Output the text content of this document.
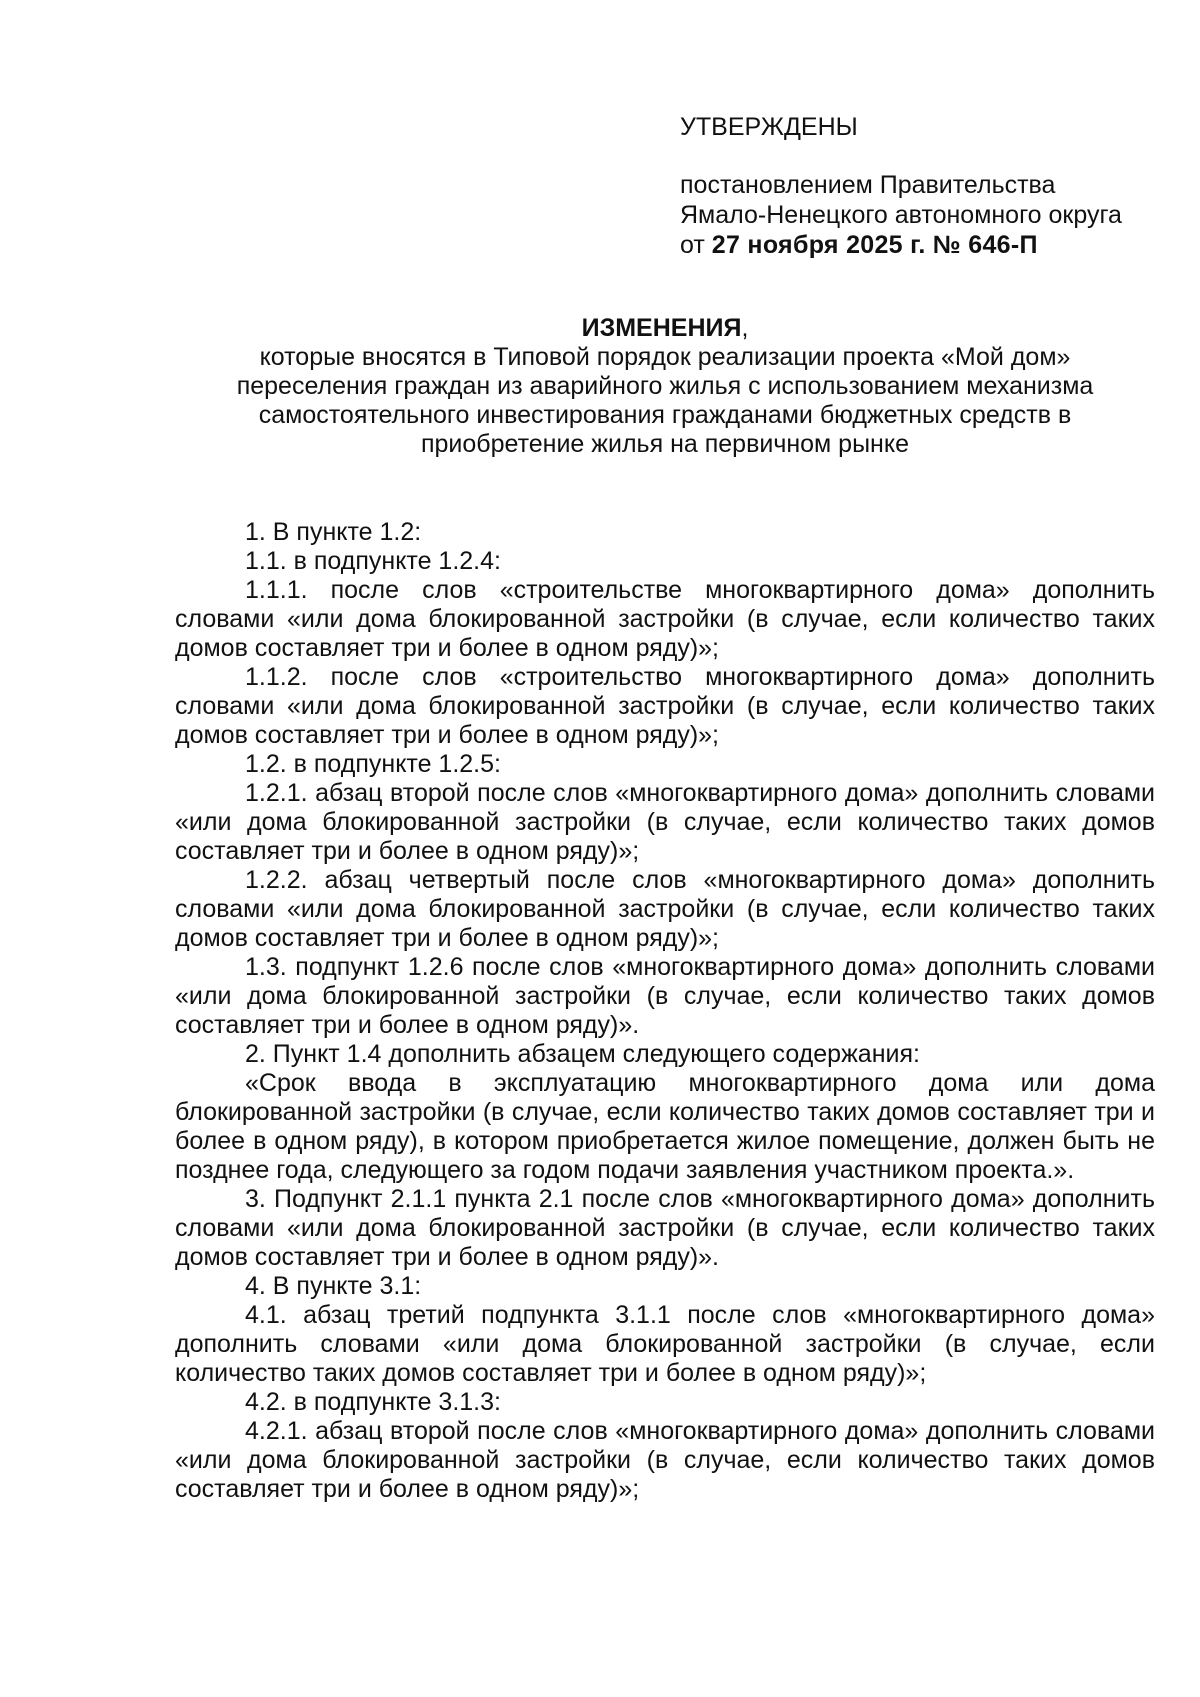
УТВЕРЖДЕНЫ
постановлением Правительства
Ямало-Ненецкого автономного округа
от 27 ноября 2025 г. № 646-П
ИЗМЕНЕНИЯ,
которые вносятся в Типовой порядок реализации проекта «Мой дом»
переселения граждан из аварийного жилья с использованием механизма
самостоятельного инвестирования гражданами бюджетных средств в
приобретение жилья на первичном рынке

1. В пункте 1.2:

1.1. в подпункте 1.2.4:

1.1.1. после слов «строительстве многоквартирного дома» дополнить словами «или дома блокированной застройки (в случае, если количество таких домов составляет три и более в одном ряду)»;

1.1.2. после слов «строительство многоквартирного дома» дополнить словами «или дома блокированной застройки (в случае, если количество таких домов составляет три и более в одном ряду)»;

1.2. в подпункте 1.2.5:

1.2.1. абзац второй после слов «многоквартирного дома» дополнить словами «или дома блокированной застройки (в случае, если количество таких домов составляет три и более в одном ряду)»;

1.2.2. абзац четвертый после слов «многоквартирного дома» дополнить словами «или дома блокированной застройки (в случае, если количество таких домов составляет три и более в одном ряду)»;

1.3. подпункт 1.2.6 после слов «многоквартирного дома» дополнить словами «или дома блокированной застройки (в случае, если количество таких домов составляет три и более в одном ряду)».

2. Пункт 1.4 дополнить абзацем следующего содержания:

«Срок ввода в эксплуатацию многоквартирного дома или дома блокированной застройки (в случае, если количество таких домов составляет три и более в одном ряду), в котором приобретается жилое помещение, должен быть не позднее года, следующего за годом подачи заявления участником проекта.».

3. Подпункт 2.1.1 пункта 2.1 после слов «многоквартирного дома» дополнить словами «или дома блокированной застройки (в случае, если количество таких домов составляет три и более в одном ряду)».

4. В пункте 3.1:

4.1. абзац третий подпункта 3.1.1 после слов «многоквартирного дома» дополнить словами «или дома блокированной застройки (в случае, если количество таких домов составляет три и более в одном ряду)»;

4.2. в подпункте 3.1.3:

4.2.1. абзац второй после слов «многоквартирного дома» дополнить словами «или дома блокированной застройки (в случае, если количество таких домов составляет три и более в одном ряду)»;
